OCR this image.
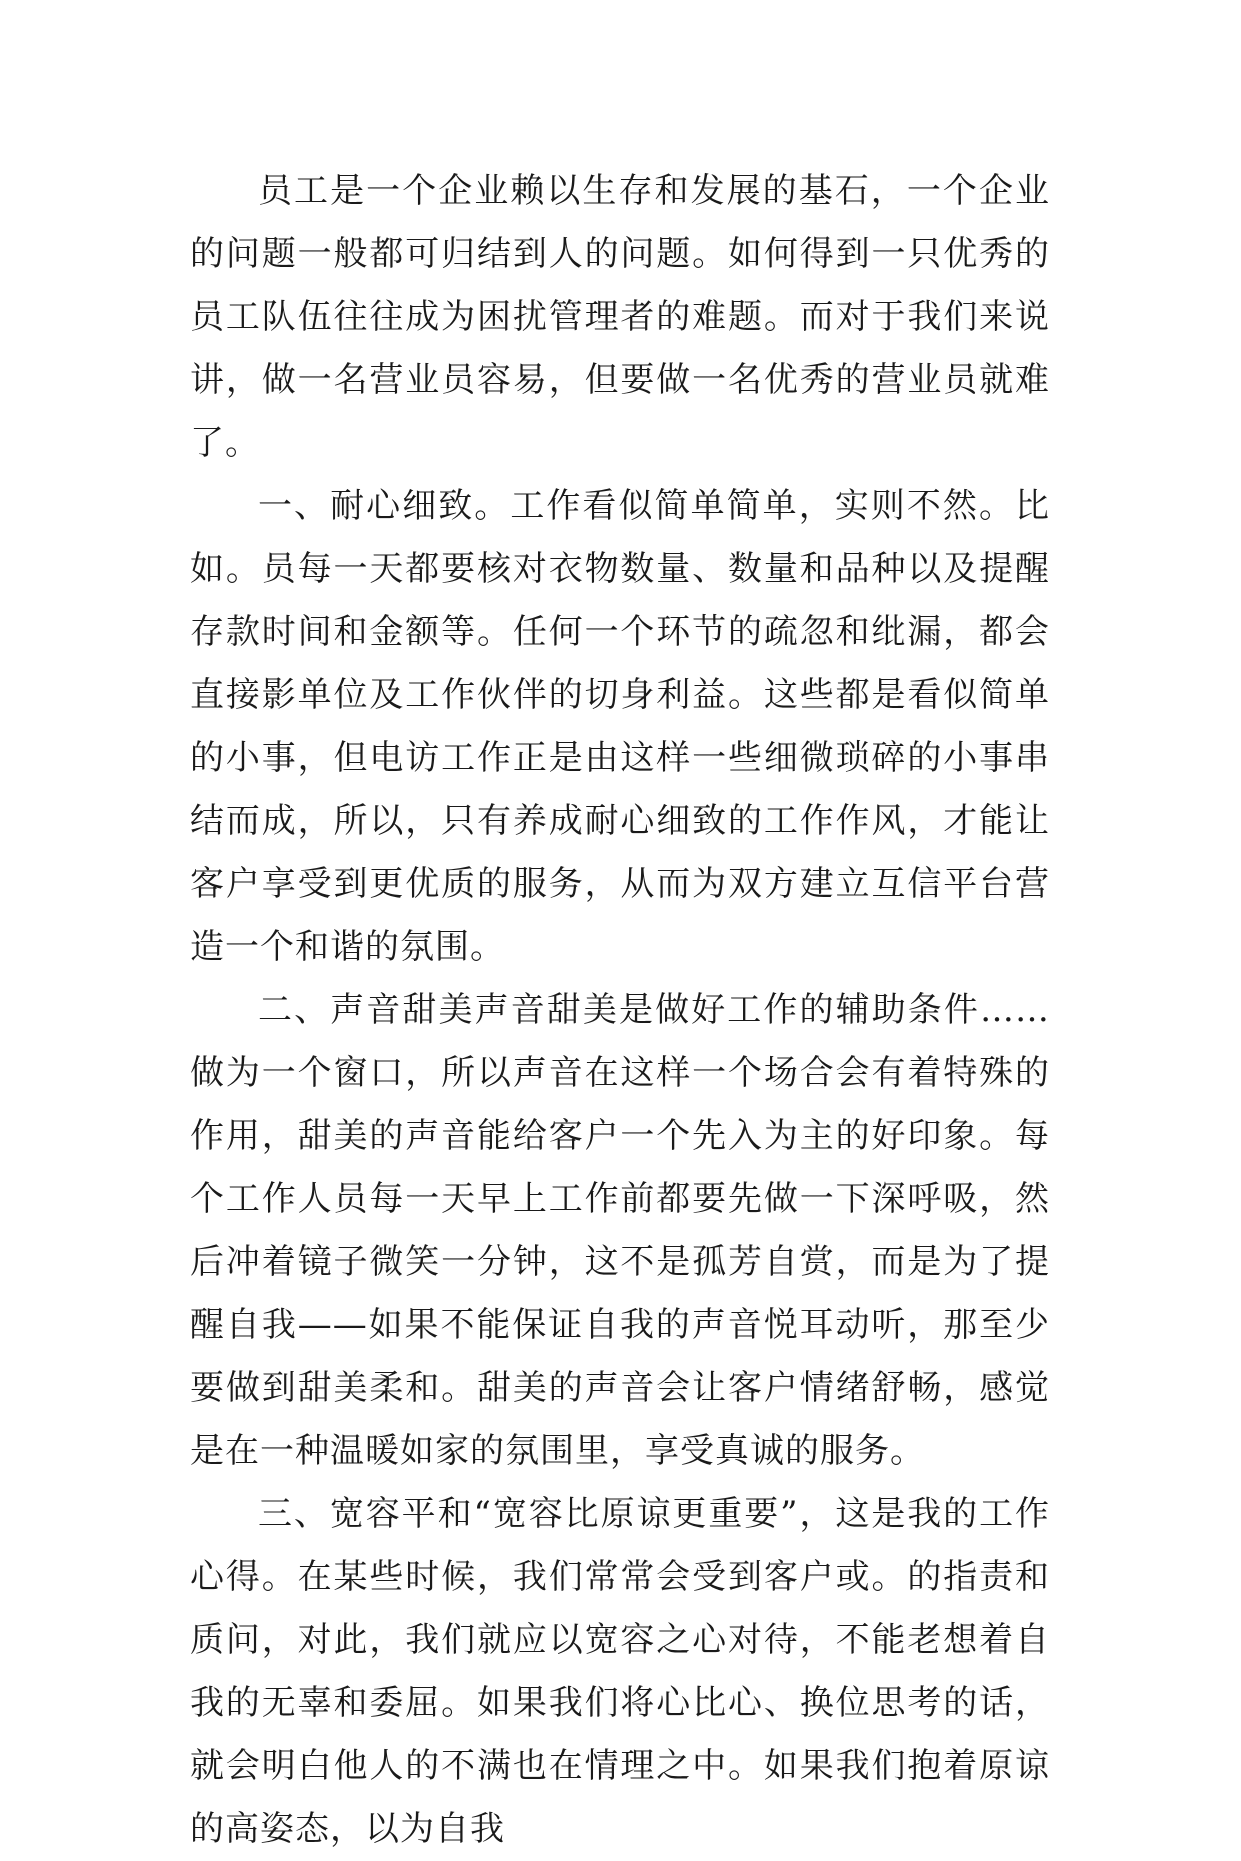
员工是一个企业赖以生存和发展的基石，一个企业的问题一般都可归结到人的问题。如何得到一只优秀的员工队伍往往成为困扰管理者的难题。而对于我们来说讲，做一名营业员容易，但要做一名优秀的营业员就难了。

一、耐心细致。工作看似简单简单，实则不然。比如。员每一天都要核对衣物数量、数量和品种以及提醒存款时间和金额等。任何一个环节的疏忽和纰漏，都会直接影单位及工作伙伴的切身利益。这些都是看似简单的小事，但电访工作正是由这样一些细微琐碎的小事串结而成，所以，只有养成耐心细致的工作作风，才能让客户享受到更优质的服务，从而为双方建立互信平台营造一个和谐的氛围。

二、声音甜美声音甜美是做好工作的辅助条件……做为一个窗口，所以声音在这样一个场合会有着特殊的作用，甜美的声音能给客户一个先入为主的好印象。每个工作人员每一天早上工作前都要先做一下深呼吸，然后冲着镜子微笑一分钟，这不是孤芳自赏，而是为了提醒自我——如果不能保证自我的声音悦耳动听，那至少要做到甜美柔和。甜美的声音会让客户情绪舒畅，感觉是在一种温暖如家的氛围里，享受真诚的服务。

三、宽容平和“宽容比原谅更重要”，这是我的工作心得。在某些时候，我们常常会受到客户或。的指责和质问，对此，我们就应以宽容之心对待，不能老想着自我的无辜和委屈。如果我们将心比心、换位思考的话，就会明白他人的不满也在情理之中。如果我们抱着原谅的高姿态，以为自我
